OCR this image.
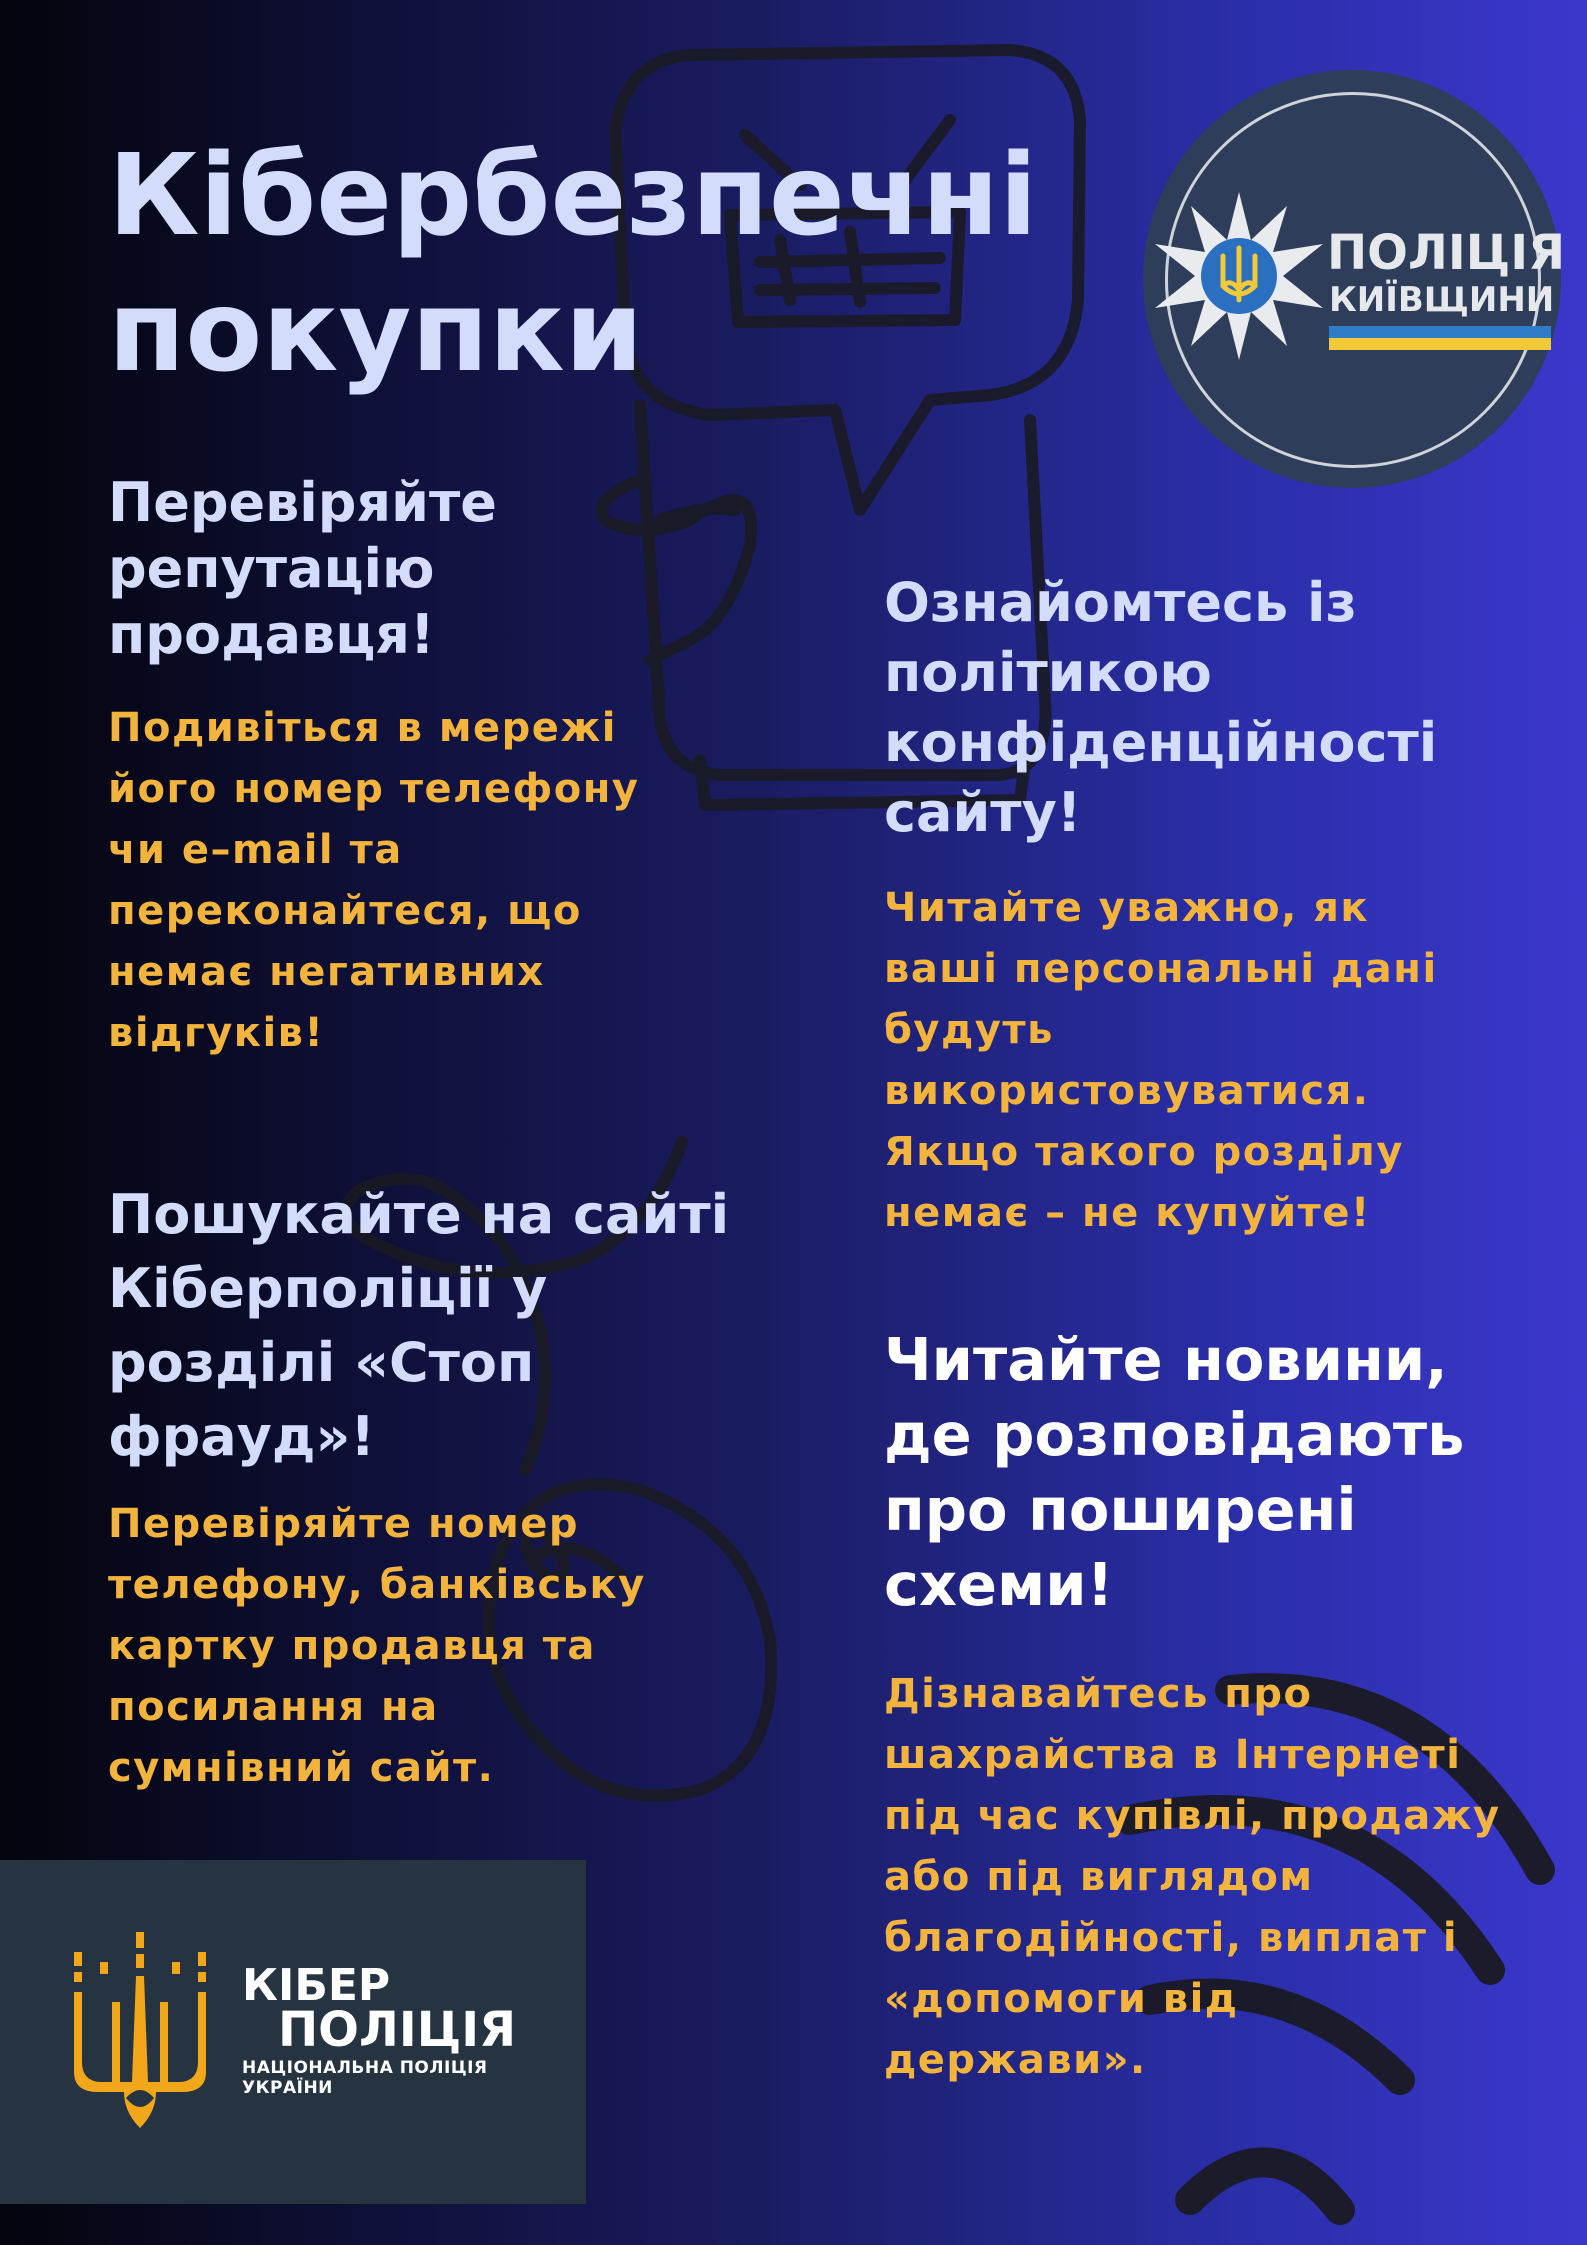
Кібербезпечні
покупки
ПОЛІЦІЯ
КИЇВЩИНИ
Перевіряйте
репутацію
продавця!

Подивіться в мережі
його номер телефону
чи e–mail та
переконайтеся, що
немає негативних
відгуків!

Пошукайте на сайті
Кіберполіції у
розділі «Стоп
фрауд»!

Перевіряйте номер
телефону, банківську
картку продавця та
посилання на
сумнівний сайт.

Ознайомтесь із
політикою
конфіденційності
сайту!

Читайте уважно, як
ваші персональні дані
будуть
використовуватися.
Якщо такого розділу
немає – не купуйте!

Читайте новини,
де розповідають
про поширені
схеми!

Дізнавайтесь про
шахрайства в Інтернеті
під час купівлі, продажу
або під виглядом
благодійності, виплат і
«допомоги від
держави».

КІБЕР
ПОЛІЦІЯ
НАЦІОНАЛЬНА ПОЛІЦІЯ
УКРАЇНИ
